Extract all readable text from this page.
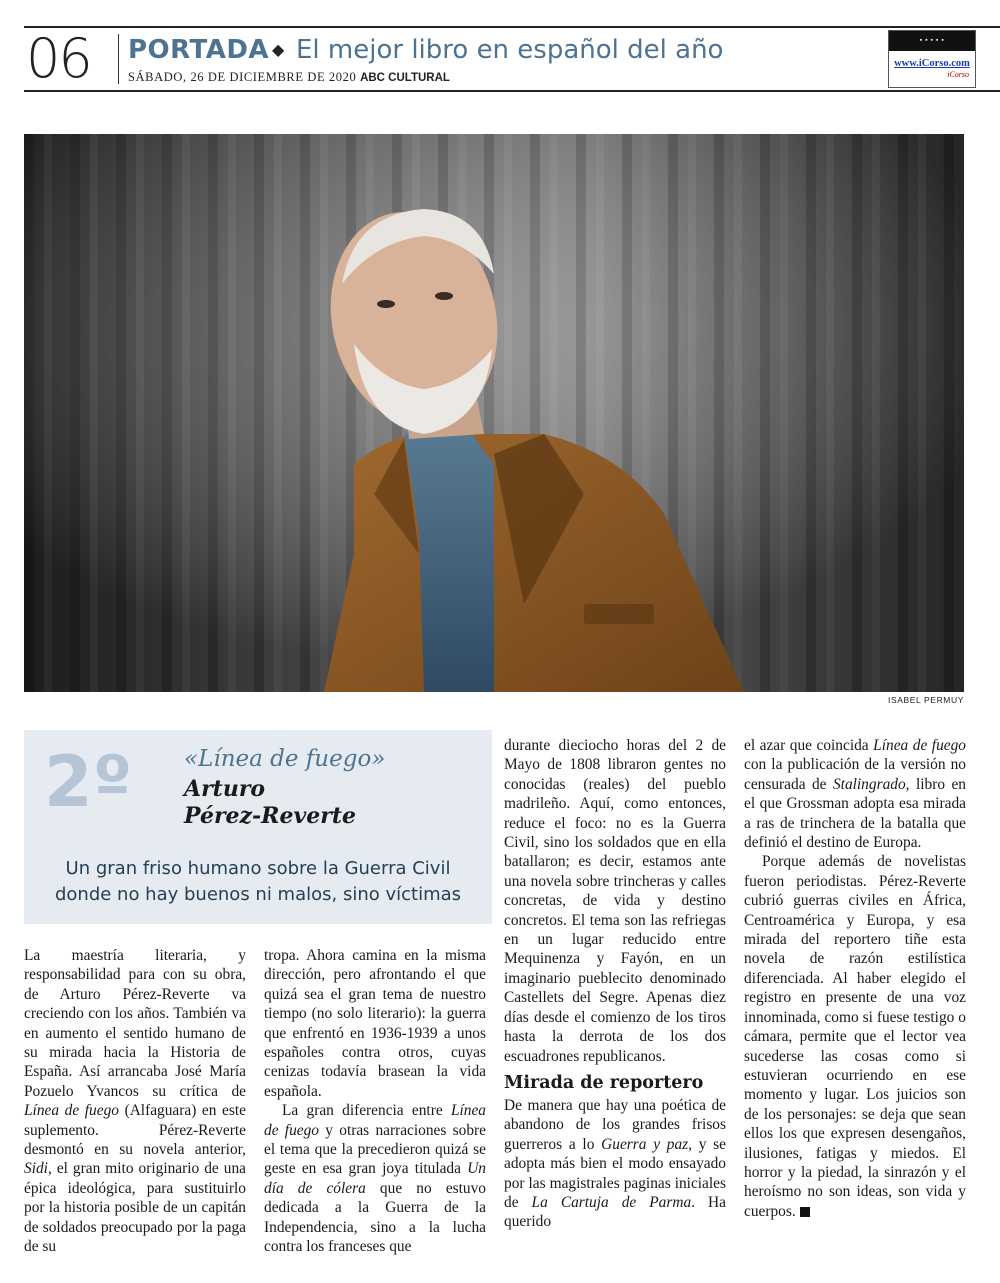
06 PORTADA ◆ El mejor libro en español del año
SÁBADO, 26 DE DICIEMBRE DE 2020 ABC CULTURAL
▪ ▪ ▪ ▪ ▪
www.iCorso.com
iCorso
ISABEL PERMUY
2º «Línea de fuego»
Arturo
Pérez-Reverte
Un gran friso humano sobre la Guerra Civil
donde no hay buenos ni malos, sino víctimas

La maestría literaria, y responsabilidad para con su obra, de Arturo Pérez-Reverte va creciendo con los años. También va en aumento el sentido humano de su mirada hacia la Historia de España. Así arrancaba José María Pozuelo Yvancos su crítica de Línea de fuego (Alfaguara) en este suplemento. Pérez-Reverte desmontó en su novela anterior, Sidi, el gran mito originario de una épica ideológica, para sustituirlo por la historia posible de un capitán de soldados preocupado por la paga de su

tropa. Ahora camina en la misma dirección, pero afrontando el que quizá sea el gran tema de nuestro tiempo (no solo literario): la guerra que enfrentó en 1936-1939 a unos españoles contra otros, cuyas cenizas todavía brasean la vida española.

La gran diferencia entre Línea de fuego y otras narraciones sobre el tema que la precedieron quizá se geste en esa gran joya titulada Un día de cólera que no estuvo dedicada a la Guerra de la Independencia, sino a la lucha contra los franceses que

durante dieciocho horas del 2 de Mayo de 1808 libraron gentes no conocidas (reales) del pueblo madrileño. Aquí, como entonces, reduce el foco: no es la Guerra Civil, sino los soldados que en ella batallaron; es decir, estamos ante una novela sobre trincheras y calles concretas, de vida y destino concretos. El tema son las refriegas en un lugar reducido entre Mequinenza y Fayón, en un imaginario pueblecito denominado Castellets del Segre. Apenas diez días desde el comienzo de los tiros hasta la derrota de los dos escuadrones republicanos.

Mirada de reportero

De manera que hay una poética de abandono de los grandes frisos guerreros a lo Guerra y paz, y se adopta más bien el modo ensayado por las magistrales paginas iniciales de La Cartuja de Parma. Ha querido

el azar que coincida Línea de fuego con la publicación de la versión no censurada de Stalingrado, libro en el que Grossman adopta esa mirada a ras de trinchera de la batalla que definió el destino de Europa.

Porque además de novelistas fueron periodistas. Pérez-Reverte cubrió guerras civiles en África, Centroamérica y Europa, y esa mirada del reportero tiñe esta novela de razón estilística diferenciada. Al haber elegido el registro en presente de una voz innominada, como si fuese testigo o cámara, permite que el lector vea sucederse las cosas como si estuvieran ocurriendo en ese momento y lugar. Los juicios son de los personajes: se deja que sean ellos los que expresen desengaños, ilusiones, fatigas y miedos. El horror y la piedad, la sinrazón y el heroísmo no son ideas, son vida y cuerpos.
